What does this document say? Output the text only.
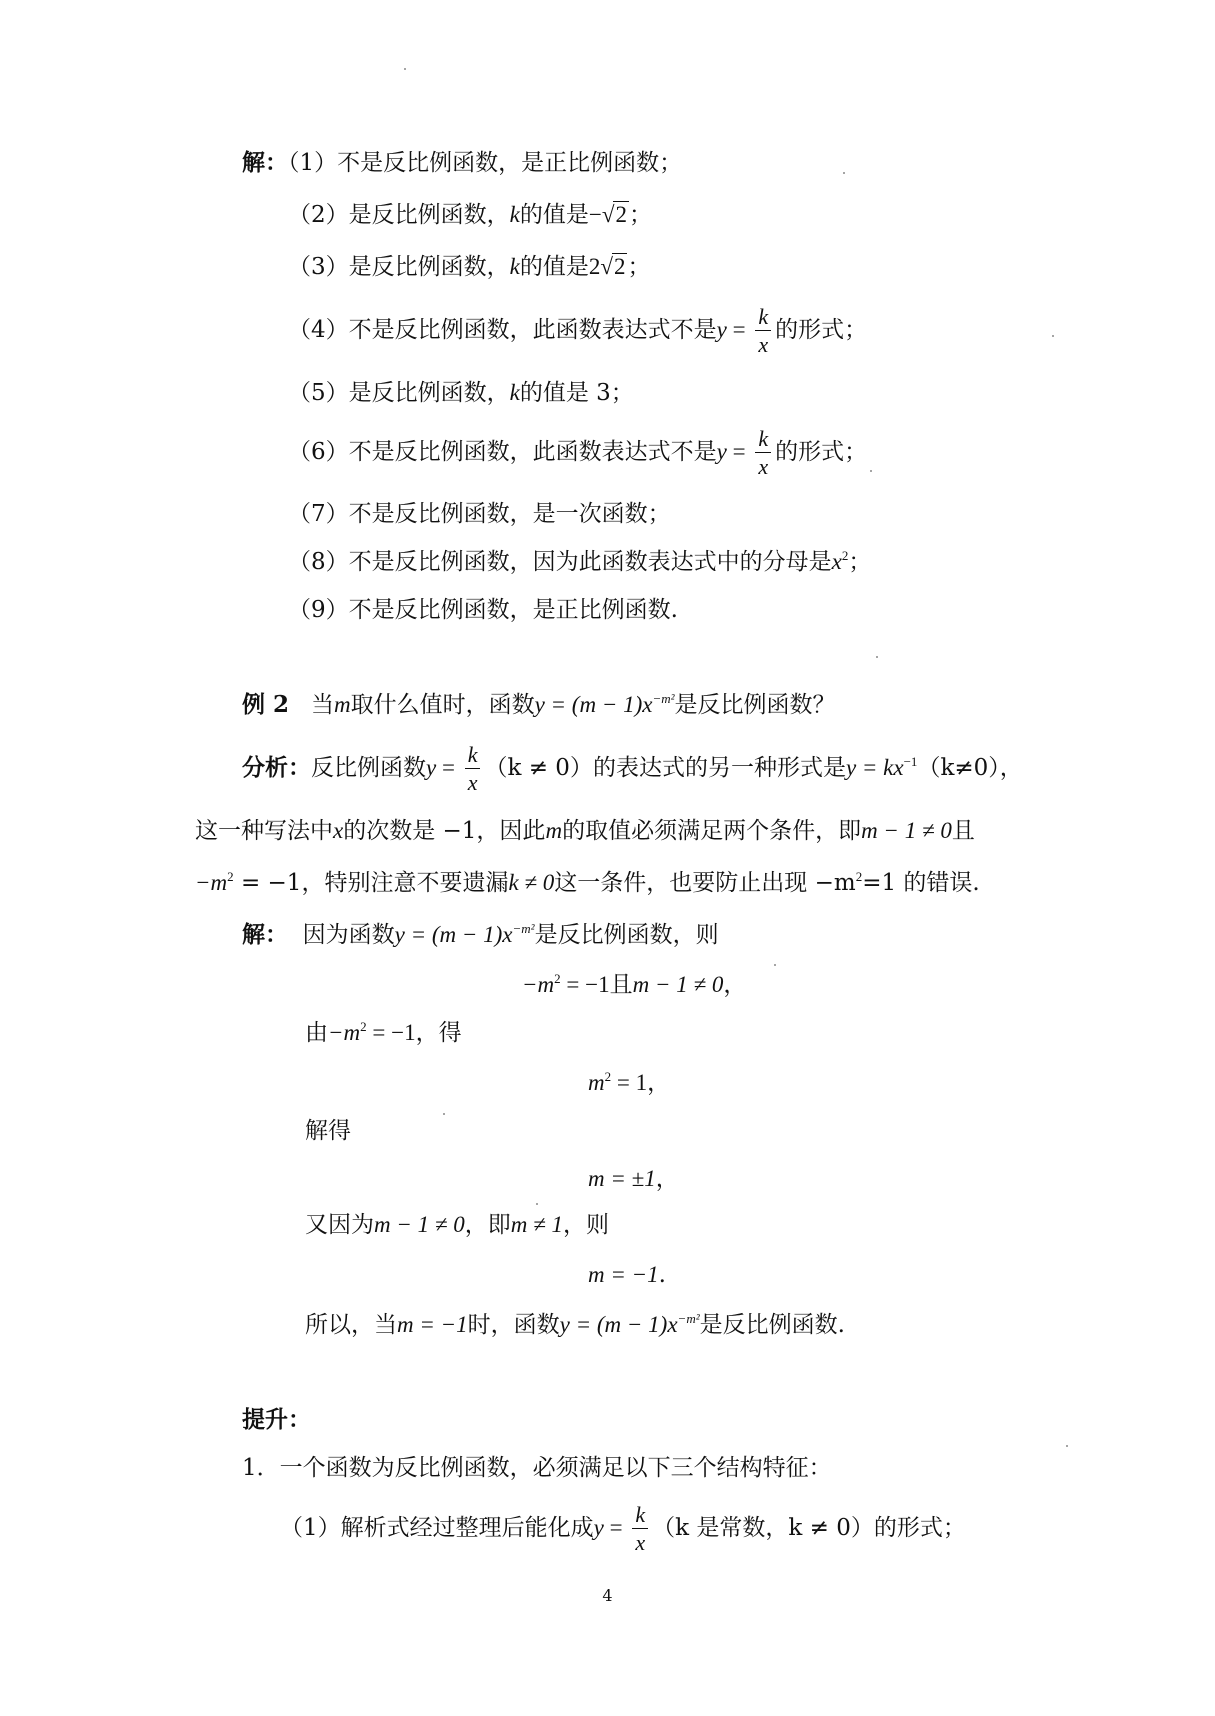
解：（1）不是反比例函数，是正比例函数；
（2）是反比例函数，k的值是−√2；
（3）是反比例函数，k的值是2√2；
（4）不是反比例函数，此函数表达式不是$y = \frac{k}{x}$ 的形式；
（5）是反比例函数，k的值是 3；
（6）不是反比例函数，此函数表达式不是$y = \frac{k}{x}$ 的形式；
（7）不是反比例函数，是一次函数；
（8）不是反比例函数，因为此函数表达式中的分母是$x^2$；
（9）不是反比例函数，是正比例函数.
例 2 当m取什么值时，函数$y = (m - 1)x^{-m^2}$是反比例函数？
分析：反比例函数$y = \frac{k}{x} (k \ne 0)$的表达式的另一种形式是$y = kx^{-1}(k\ne 0)$，
这一种写法中x的次数是 −1，因此m的取值必须满足两个条件，即m − 1 ≠ 0且
$-m^2 = -1$，特别注意不要遗漏k ≠ 0这一条件，也要防止出现 $-m^2=1$ 的错误.
解： 因为函数$y = (m - 1)x^{-m^2}$是反比例函数，则
$-m^2 = -1$且m − 1 ≠ 0，
由$-m^2 = -1$，得
$m^2 = 1$，
解得
m = ±1，
又因为m − 1 ≠ 0，即m ≠ 1，则
m = −1.
所以，当m = −1时，函数$y = (m - 1)x^{-m^2}$是反比例函数.
提升：
1．一个函数为反比例函数，必须满足以下三个结构特征：
（1）解析式经过整理后能化成$y = \frac{k}{x} (k$ 是常数，k ≠ 0）的形式；
4
